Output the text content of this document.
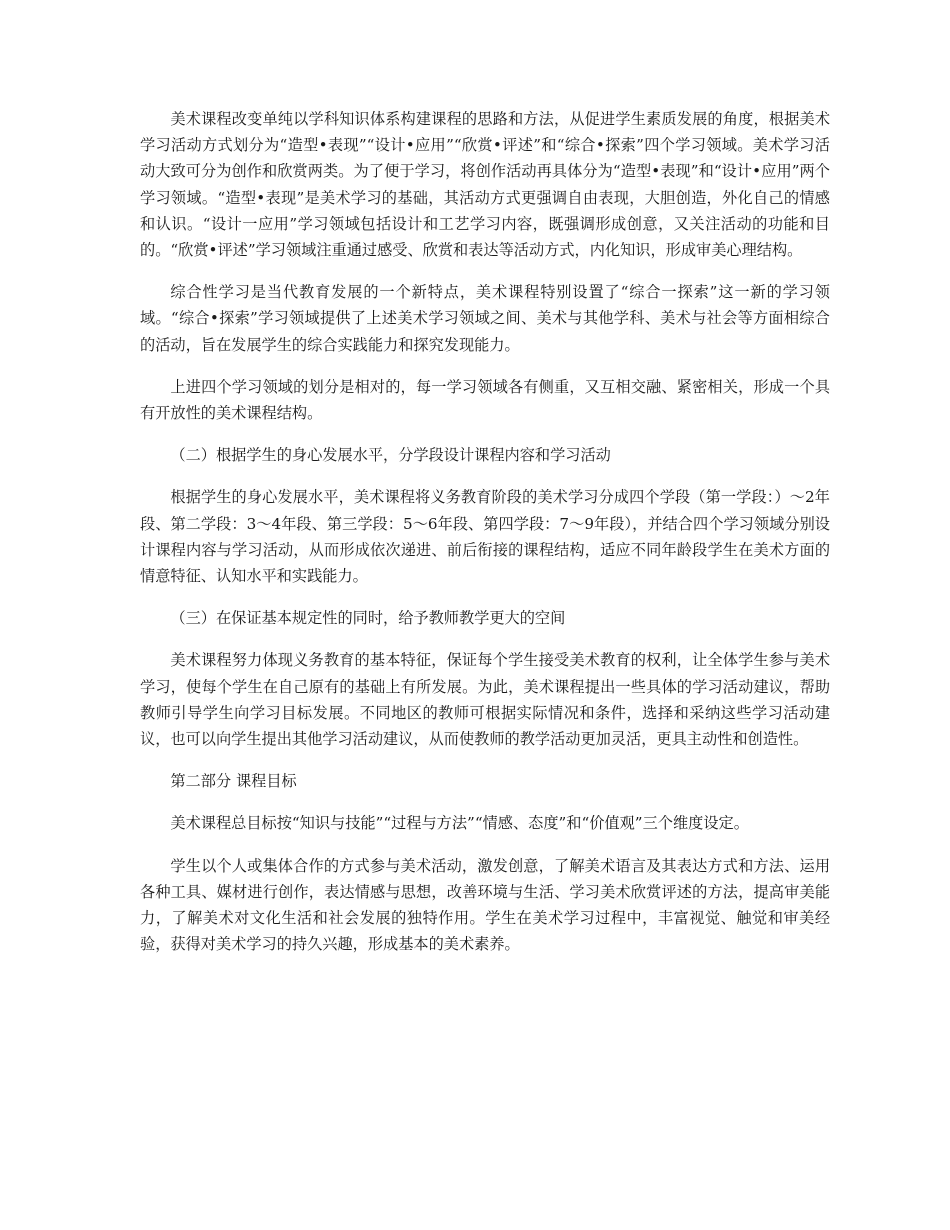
美术课程改变单纯以学科知识体系构建课程的思路和方法，从促进学生素质发展的角度，根据美术学习活动方式划分为“造型•表现”“设计•应用”“欣赏•评述”和“综合•探索”四个学习领域。美术学习活动大致可分为创作和欣赏两类。为了便于学习，将创作活动再具体分为“造型•表现”和“设计•应用”两个学习领域。“造型•表现”是美术学习的基础，其活动方式更强调自由表现，大胆创造，外化自己的情感和认识。“设计一应用”学习领域包括设计和工艺学习内容，既强调形成创意，又关注活动的功能和目的。“欣赏•评述”学习领域注重通过感受、欣赏和表达等活动方式，内化知识，形成审美心理结构。

综合性学习是当代教育发展的一个新特点，美术课程特别设置了“综合一探索”这一新的学习领域。“综合•探索”学习领域提供了上述美术学习领域之间、美术与其他学科、美术与社会等方面相综合的活动，旨在发展学生的综合实践能力和探究发现能力。

上进四个学习领域的划分是相对的，每一学习领域各有侧重，又互相交融、紧密相关，形成一个具有开放性的美术课程结构。

（二）根据学生的身心发展水平，分学段设计课程内容和学习活动

根据学生的身心发展水平，美术课程将义务教育阶段的美术学习分成四个学段（第一学段：）～2年段、第二学段：3～4年段、第三学段：5～6年段、第四学段：7～9年段），并结合四个学习领域分别设计课程内容与学习活动，从而形成依次递进、前后衔接的课程结构，适应不同年龄段学生在美术方面的情意特征、认知水平和实践能力。

（三）在保证基本规定性的同时，给予教师教学更大的空间

美术课程努力体现义务教育的基本特征，保证每个学生接受美术教育的权利，让全体学生参与美术学习，使每个学生在自己原有的基础上有所发展。为此，美术课程提出一些具体的学习活动建议，帮助教师引导学生向学习目标发展。不同地区的教师可根据实际情况和条件，选择和采纳这些学习活动建议，也可以向学生提出其他学习活动建议，从而使教师的教学活动更加灵活，更具主动性和创造性。

第二部分 课程目标

美术课程总目标按“知识与技能”“过程与方法”“情感、态度”和“价值观”三个维度设定。

学生以个人或集体合作的方式参与美术活动，激发创意，了解美术语言及其表达方式和方法、运用各种工具、媒材进行创作，表达情感与思想，改善环境与生活、学习美术欣赏评述的方法，提高审美能力，了解美术对文化生活和社会发展的独特作用。学生在美术学习过程中，丰富视觉、触觉和审美经验，获得对美术学习的持久兴趣，形成基本的美术素养。
